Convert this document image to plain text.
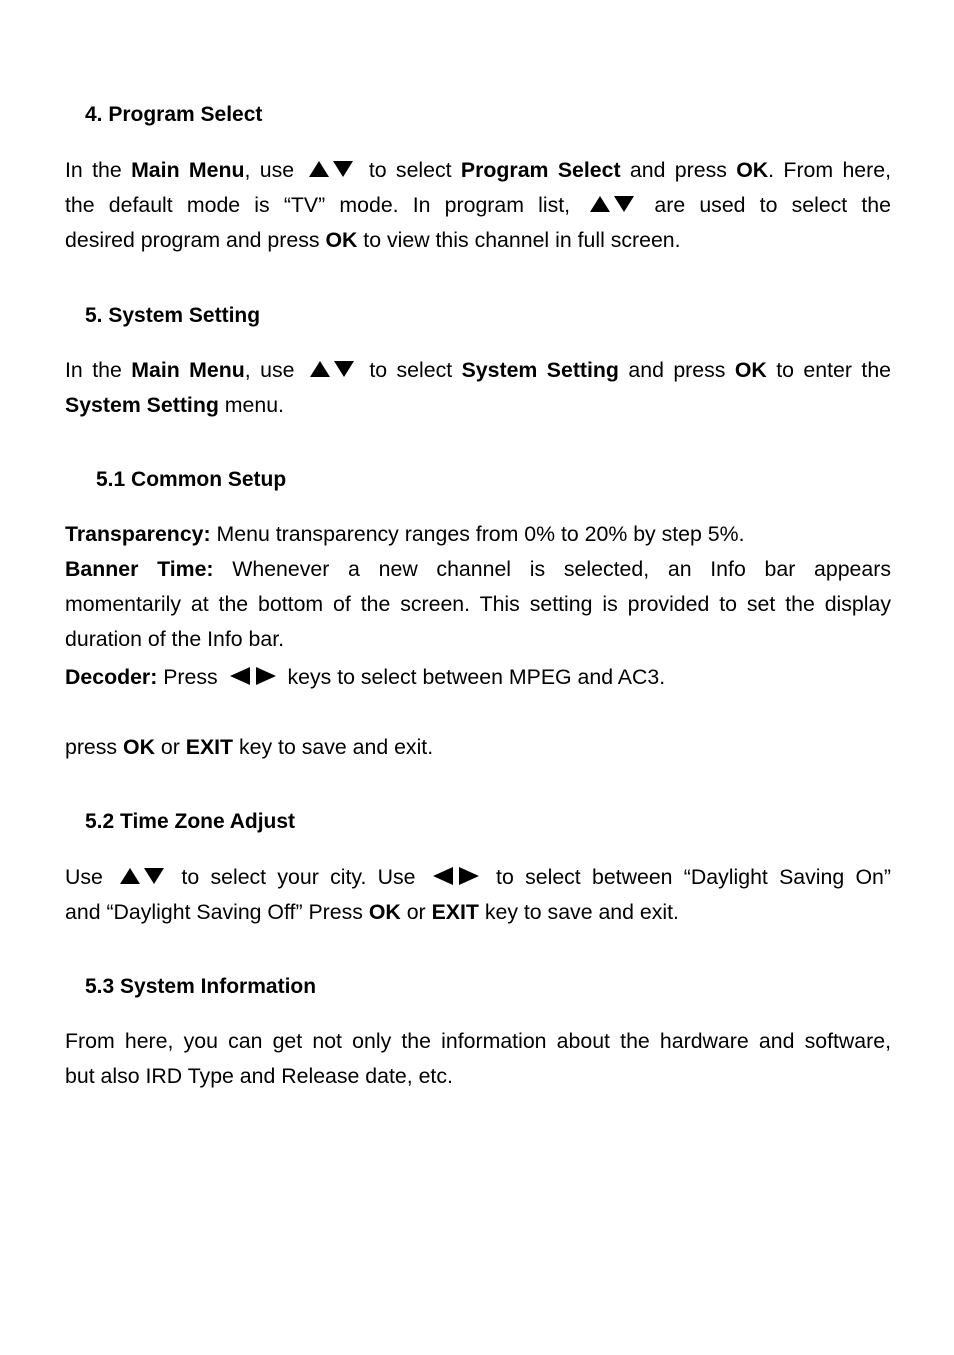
4. Program Select
In the Main Menu, use	to select Program Select and press OK. From here,
the default mode is “TV” mode. In program list,	are used to select the
desired program and press OK to view this channel in full screen.
5. System Setting
In the Main Menu, use	to select System Setting and press OK to enter the
System Setting menu.
5.1 Common Setup
Transparency: Menu transparency ranges from 0% to 20% by step 5%.
Banner Time: Whenever a new channel is selected, an Info bar appears
momentarily at the bottom of the screen. This setting is provided to set the display
duration of the Info bar.
Decoder: Press	keys to select between MPEG and AC3.
press OK or EXIT key to save and exit.
5.2 Time Zone Adjust
Use	to select your city. Use	to select between “Daylight Saving On”
and “Daylight Saving Off” Press OK or EXIT key to save and exit.
5.3 System Information
From here, you can get not only the information about the hardware and software,
but also IRD Type and Release date, etc.
